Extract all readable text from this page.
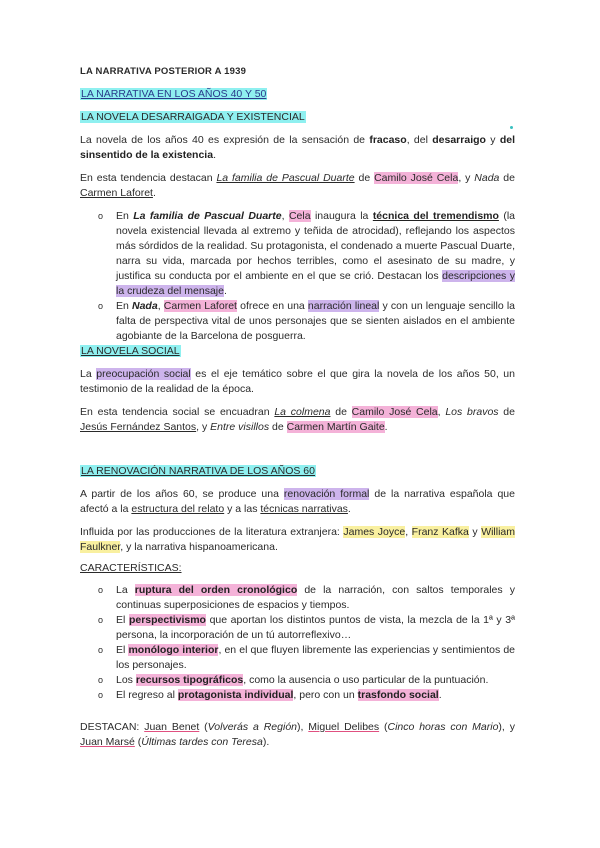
LA NARRATIVA POSTERIOR A 1939
LA NARRATIVA EN LOS AÑOS 40 Y 50
LA NOVELA DESARRAIGADA Y EXISTENCIAL
La novela de los años 40 es expresión de la sensación de fracaso, del desarraigo y del sinsentido de la existencia.
En esta tendencia destacan La familia de Pascual Duarte de Camilo José Cela, y Nada de Carmen Laforet.
o En La familia de Pascual Duarte, Cela inaugura la técnica del tremendismo (la novela existencial llevada al extremo y teñida de atrocidad), reflejando los aspectos más sórdidos de la realidad. Su protagonista, el condenado a muerte Pascual Duarte, narra su vida, marcada por hechos terribles, como el asesinato de su madre, y justifica su conducta por el ambiente en el que se crió. Destacan los descripciones y la crudeza del mensaje.
o En Nada, Carmen Laforet ofrece en una narración lineal y con un lenguaje sencillo la falta de perspectiva vital de unos personajes que se sienten aislados en el ambiente agobiante de la Barcelona de posguerra.
LA NOVELA SOCIAL
La preocupación social es el eje temático sobre el que gira la novela de los años 50, un testimonio de la realidad de la época.
En esta tendencia social se encuadran La colmena de Camilo José Cela, Los bravos de Jesús Fernández Santos, y Entre visillos de Carmen Martín Gaite.
LA RENOVACIÓN NARRATIVA DE LOS AÑOS 60
A partir de los años 60, se produce una renovación formal de la narrativa española que afectó a la estructura del relato y a las técnicas narrativas.
Influida por las producciones de la literatura extranjera: James Joyce, Franz Kafka y William Faulkner, y la narrativa hispanoamericana.
CARACTERÍSTICAS:
o La ruptura del orden cronológico de la narración, con saltos temporales y continuas superposiciones de espacios y tiempos.
o El perspectivismo que aportan los distintos puntos de vista, la mezcla de la 1ª y 3ª persona, la incorporación de un tú autorreflexivo…
o El monólogo interior, en el que fluyen libremente las experiencias y sentimientos de los personajes.
o Los recursos tipográficos, como la ausencia o uso particular de la puntuación.
o El regreso al protagonista individual, pero con un trasfondo social.
DESTACAN: Juan Benet (Volverás a Región), Miguel Delibes (Cinco horas con Mario), y Juan Marsé (Últimas tardes con Teresa).
